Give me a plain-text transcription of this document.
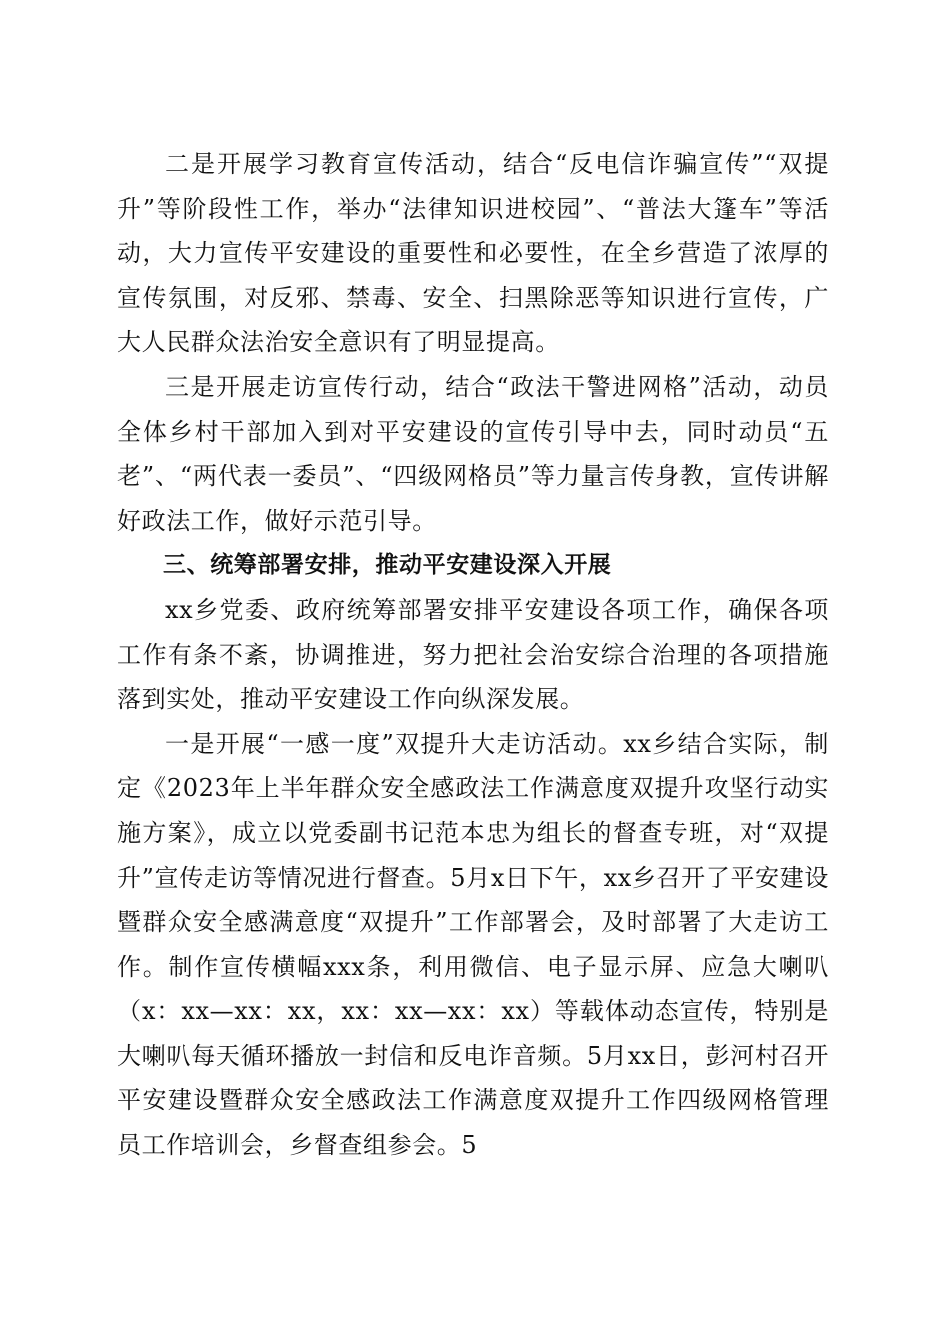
二是开展学习教育宣传活动，结合“反电信诈骗宣传”“双提升”等阶段性工作，举办“法律知识进校园”、“普法大篷车”等活动，大力宣传平安建设的重要性和必要性，在全乡营造了浓厚的宣传氛围，对反邪、禁毒、安全、扫黑除恶等知识进行宣传，广大人民群众法治安全意识有了明显提高。

三是开展走访宣传行动，结合“政法干警进网格”活动，动员全体乡村干部加入到对平安建设的宣传引导中去，同时动员“五老”、“两代表一委员”、“四级网格员”等力量言传身教，宣传讲解好政法工作，做好示范引导。

三、统筹部署安排，推动平安建设深入开展

xx乡党委、政府统筹部署安排平安建设各项工作，确保各项工作有条不紊，协调推进，努力把社会治安综合治理的各项措施落到实处，推动平安建设工作向纵深发展。

一是开展“一感一度”双提升大走访活动。xx乡结合实际，制定《2023年上半年群众安全感政法工作满意度双提升攻坚行动实施方案》，成立以党委副书记范本忠为组长的督查专班，对“双提升”宣传走访等情况进行督查。5月x日下午，xx乡召开了平安建设暨群众安全感满意度“双提升”工作部署会，及时部署了大走访工作。制作宣传横幅xxx条，利用微信、电子显示屏、应急大喇叭（x：xx—xx：xx，xx：xx—xx：xx）等载体动态宣传，特别是大喇叭每天循环播放一封信和反电诈音频。5月xx日，彭河村召开平安建设暨群众安全感政法工作满意度双提升工作四级网格管理员工作培训会，乡督查组参会。5
